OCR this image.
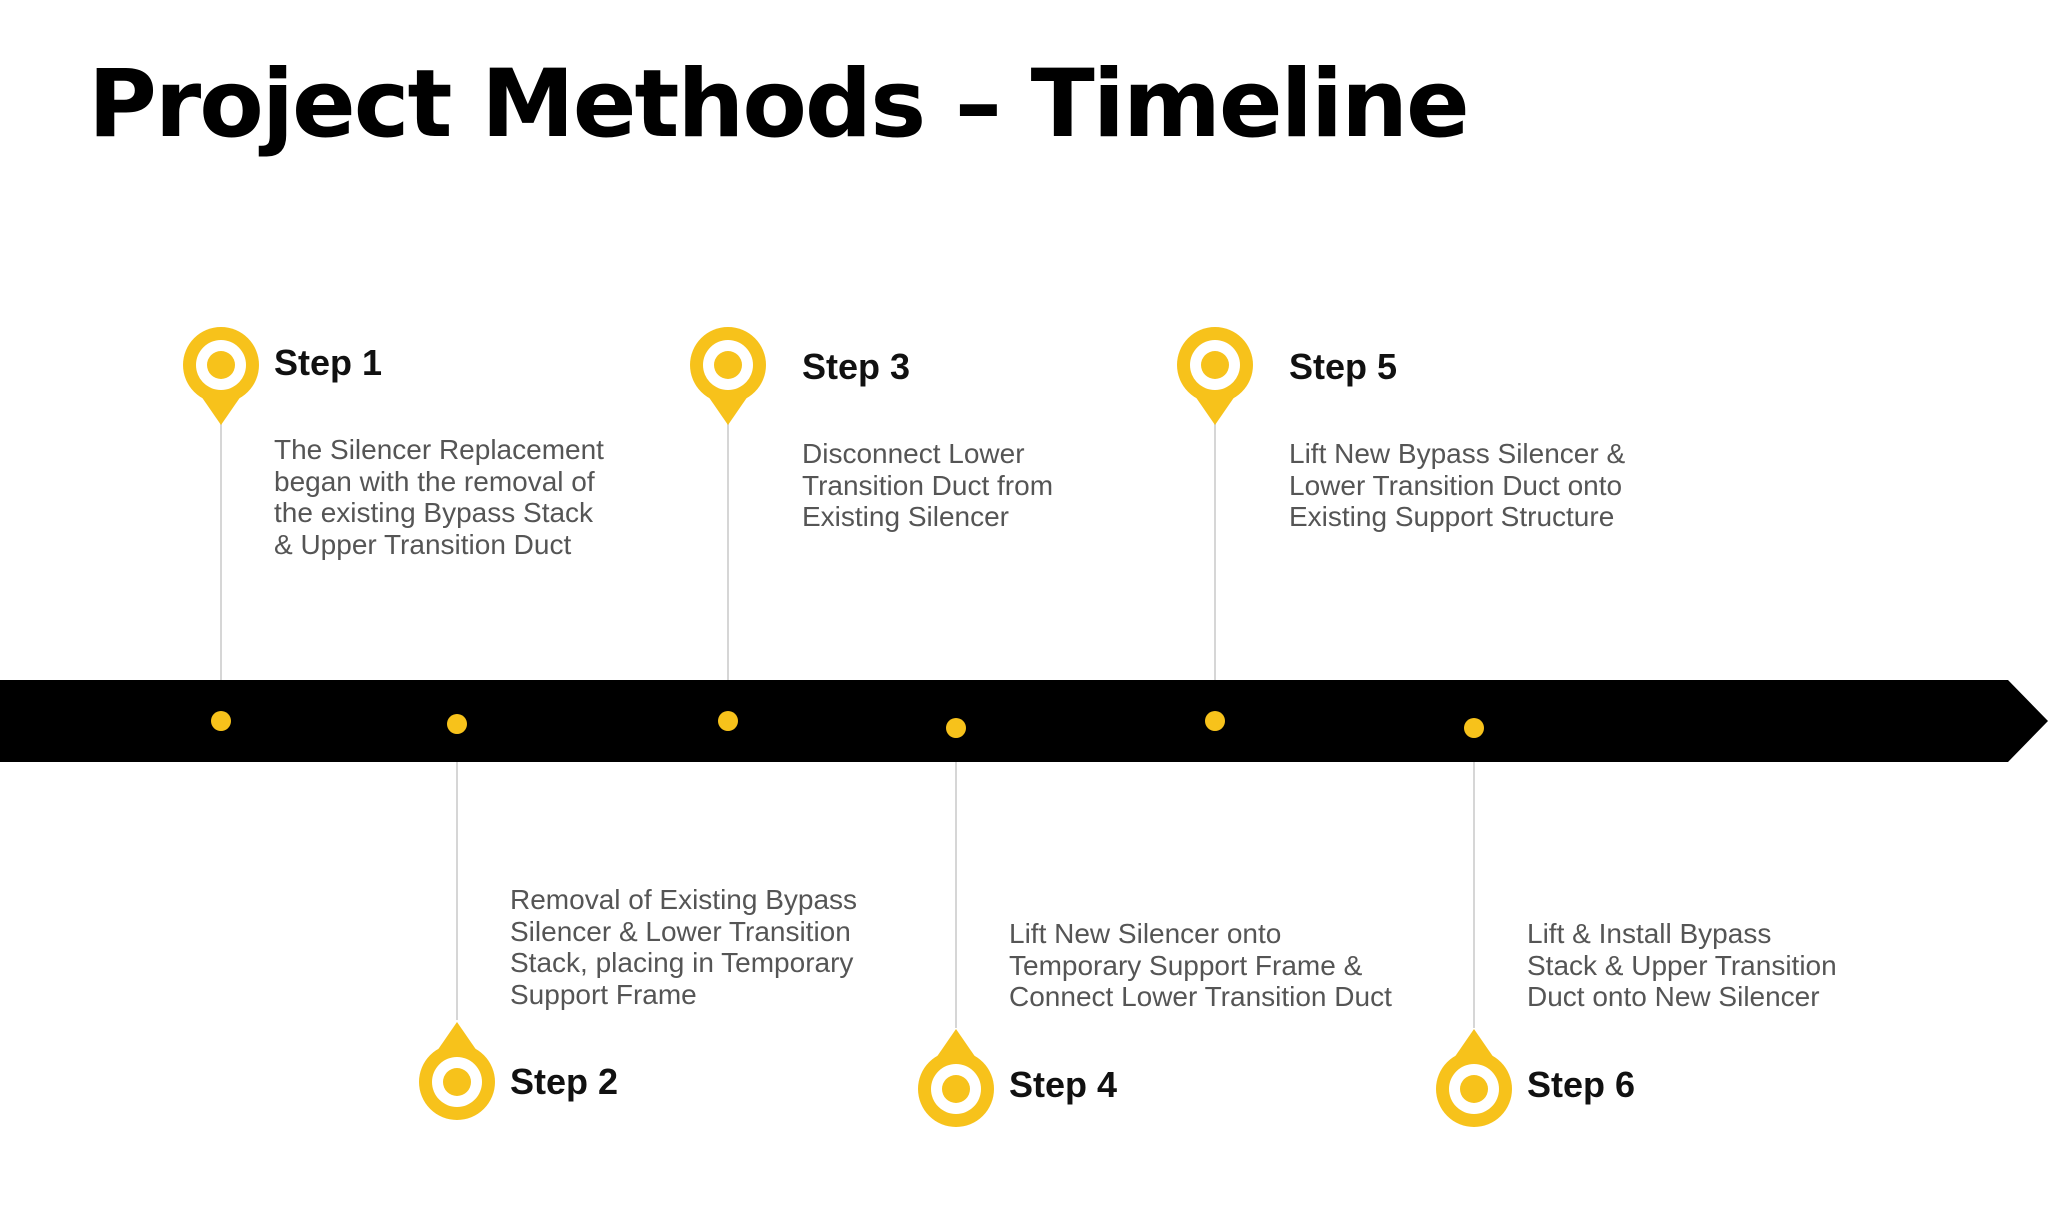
Project Methods – Timeline
Step 1
Step 2
Step 3
Step 4
Step 5
Step 6
The Silencer Replacement
began with the removal of
the existing Bypass Stack
& Upper Transition Duct
Removal of Existing Bypass
Silencer & Lower Transition
Stack, placing in Temporary
Support Frame
Disconnect Lower
Transition Duct from
Existing Silencer
Lift New Silencer onto
Temporary Support Frame &
Connect Lower Transition Duct
Lift New Bypass Silencer &
Lower Transition Duct onto
Existing Support Structure
Lift & Install Bypass
Stack & Upper Transition
Duct onto New Silencer
